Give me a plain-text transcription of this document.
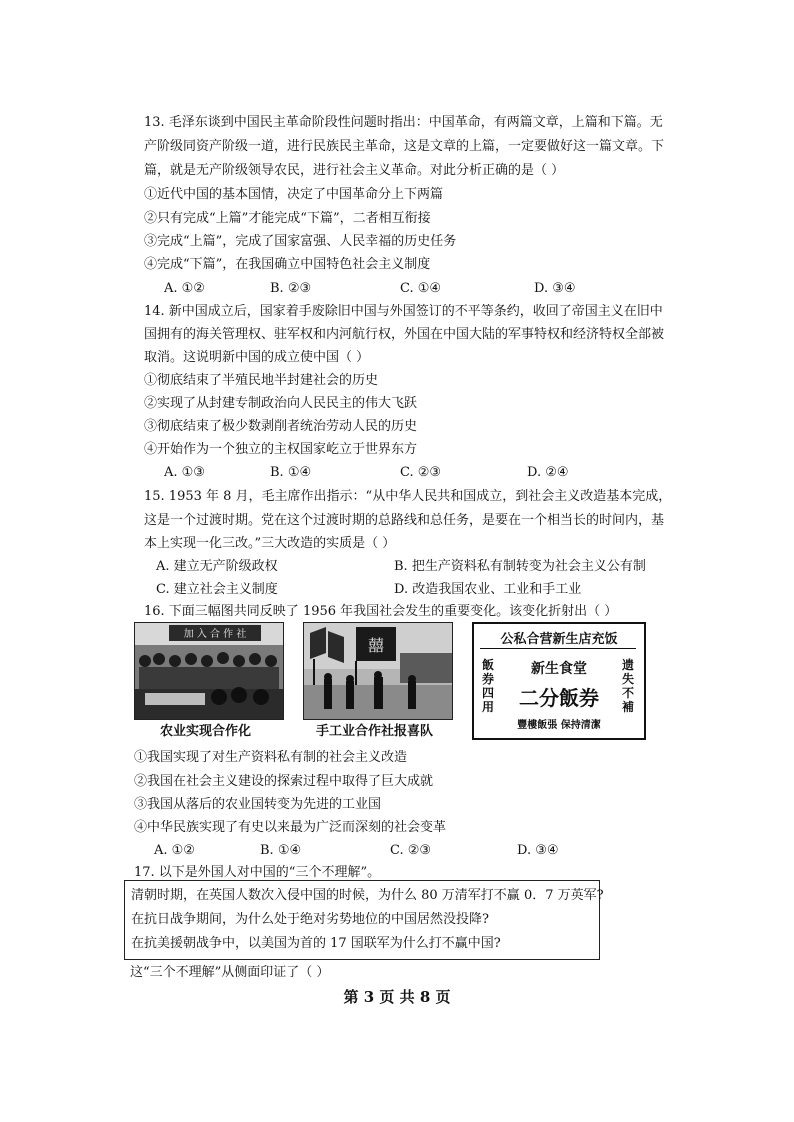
13. 毛泽东谈到中国民主革命阶段性问题时指出：中国革命，有两篇文章，上篇和下篇。无
产阶级同资产阶级一道，进行民族民主革命，这是文章的上篇，一定要做好这一篇文章。下
篇，就是无产阶级领导农民，进行社会主义革命。对此分析正确的是（ ）
①近代中国的基本国情，决定了中国革命分上下两篇
②只有完成“上篇”才能完成“下篇”，二者相互衔接
③完成“上篇”，完成了国家富强、人民幸福的历史任务
④完成“下篇”，在我国确立中国特色社会主义制度
A. ①②	B. ②③	C. ①④	D. ③④
14. 新中国成立后，国家着手废除旧中国与外国签订的不平等条约，收回了帝国主义在旧中
国拥有的海关管理权、驻军权和内河航行权，外国在中国大陆的军事特权和经济特权全部被
取消。这说明新中国的成立使中国（ ）
①彻底结束了半殖民地半封建社会的历史
②实现了从封建专制政治向人民民主的伟大飞跃
③彻底结束了极少数剥削者统治劳动人民的历史
④开始作为一个独立的主权国家屹立于世界东方
A. ①③	B. ①④	C. ②③	D. ②④
15. 1953 年 8 月，毛主席作出指示：“从中华人民共和国成立，到社会主义改造基本完成，
这是一个过渡时期。党在这个过渡时期的总路线和总任务，是要在一个相当长的时间内，基
本上实现一化三改。”三大改造的实质是（ ）
A. 建立无产阶级政权	B. 把生产资料私有制转变为社会主义公有制
C. 建立社会主义制度	D. 改造我国农业、工业和手工业
16. 下面三幅图共同反映了 1956 年我国社会发生的重要变化。该变化折射出（ ）
加 入 合 作 社
农业实现合作化
囍
手工业合作社报喜队
公私合营新生店充饭
飯券四用
遗失不補
新生食堂
二分飯券
豐樓飯張 保持清潔
①我国实现了对生产资料私有制的社会主义改造
②我国在社会主义建设的探索过程中取得了巨大成就
③我国从落后的农业国转变为先进的工业国
④中华民族实现了有史以来最为广泛而深刻的社会变革
A. ①②	B. ①④	C. ②③	D. ③④
17. 以下是外国人对中国的“三个不理解”。
清朝时期，在英国人数次入侵中国的时候，为什么 80 万清军打不赢 0．7 万英军?
在抗日战争期间，为什么处于绝对劣势地位的中国居然没投降?
在抗美援朝战争中，以美国为首的 17 国联军为什么打不赢中国?
这“三个不理解”从侧面印证了（ ）
第 3 页 共 8 页
